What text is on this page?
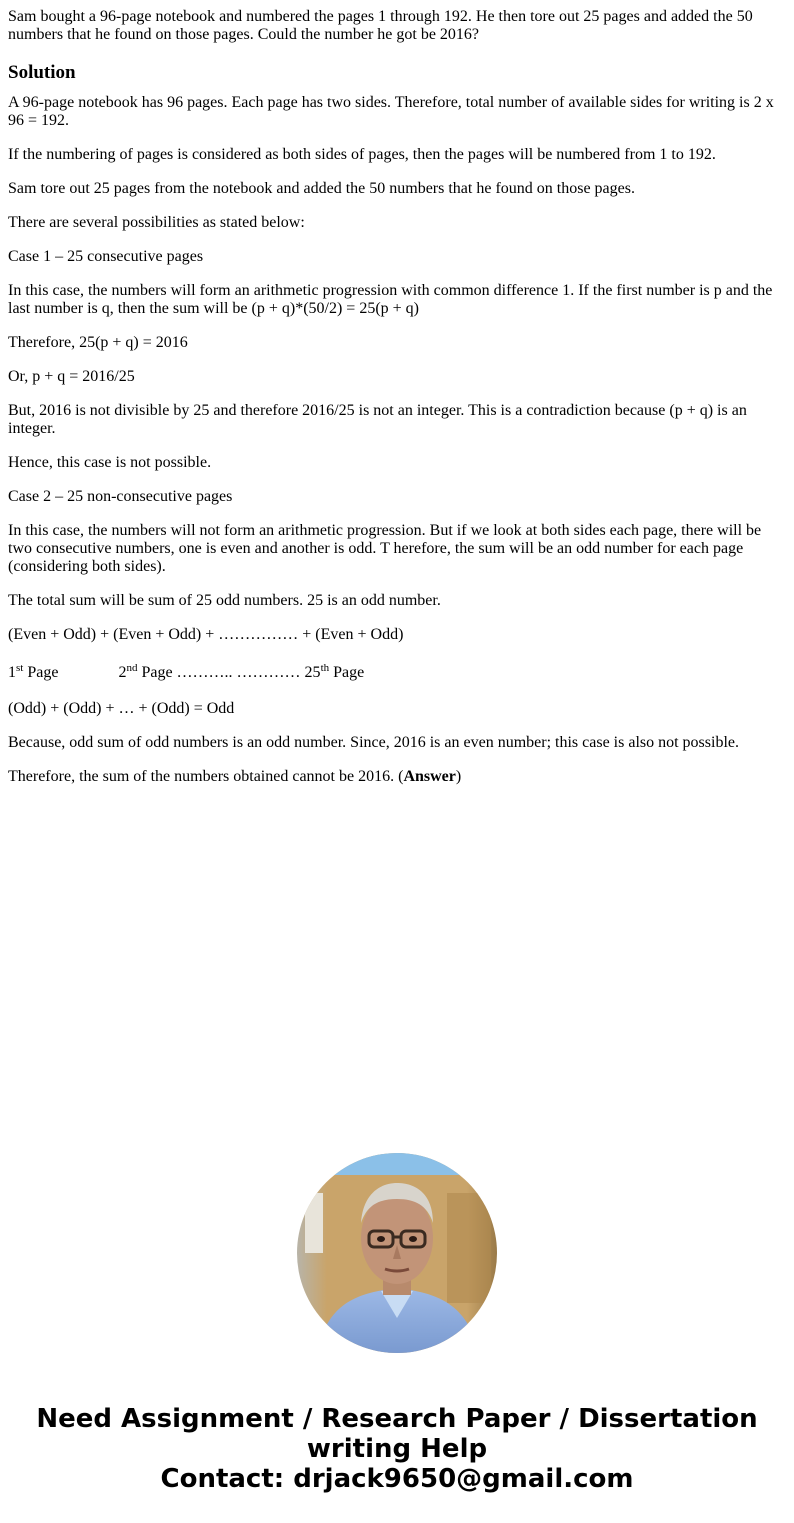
Sam bought a 96-page notebook and numbered the pages 1 through 192. He then tore out 25 pages and added the 50 numbers that he found on those pages. Could the number he got be 2016?

Solution

A 96-page notebook has 96 pages. Each page has two sides. Therefore, total number of available sides for writing is 2 x 96 = 192.

If the numbering of pages is considered as both sides of pages, then the pages will be numbered from 1 to 192.

Sam tore out 25 pages from the notebook and added the 50 numbers that he found on those pages.

There are several possibilities as stated below:

Case 1 – 25 consecutive pages

In this case, the numbers will form an arithmetic progression with common difference 1. If the first number is p and the last number is q, then the sum will be (p + q)*(50/2) = 25(p + q)

Therefore, 25(p + q) = 2016

Or, p + q = 2016/25

But, 2016 is not divisible by 25 and therefore 2016/25 is not an integer. This is a contradiction because (p + q) is an integer.

Hence, this case is not possible.

Case 2 – 25 non-consecutive pages

In this case, the numbers will not form an arithmetic progression. But if we look at both sides each page, there will be two consecutive numbers, one is even and another is odd. T herefore, the sum will be an odd number for each page (considering both sides).

The total sum will be sum of 25 odd numbers. 25 is an odd number.

(Even + Odd) + (Even + Odd) + …………… + (Even + Odd)

1st Page	2nd Page ……….. ………… 25th Page

(Odd) + (Odd) + … + (Odd) = Odd

Because, odd sum of odd numbers is an odd number. Since, 2016 is an even number; this case is also not possible.

Therefore, the sum of the numbers obtained cannot be 2016. (Answer)

Need Assignment / Research Paper / Dissertation
writing Help
Contact: drjack9650@gmail.com
